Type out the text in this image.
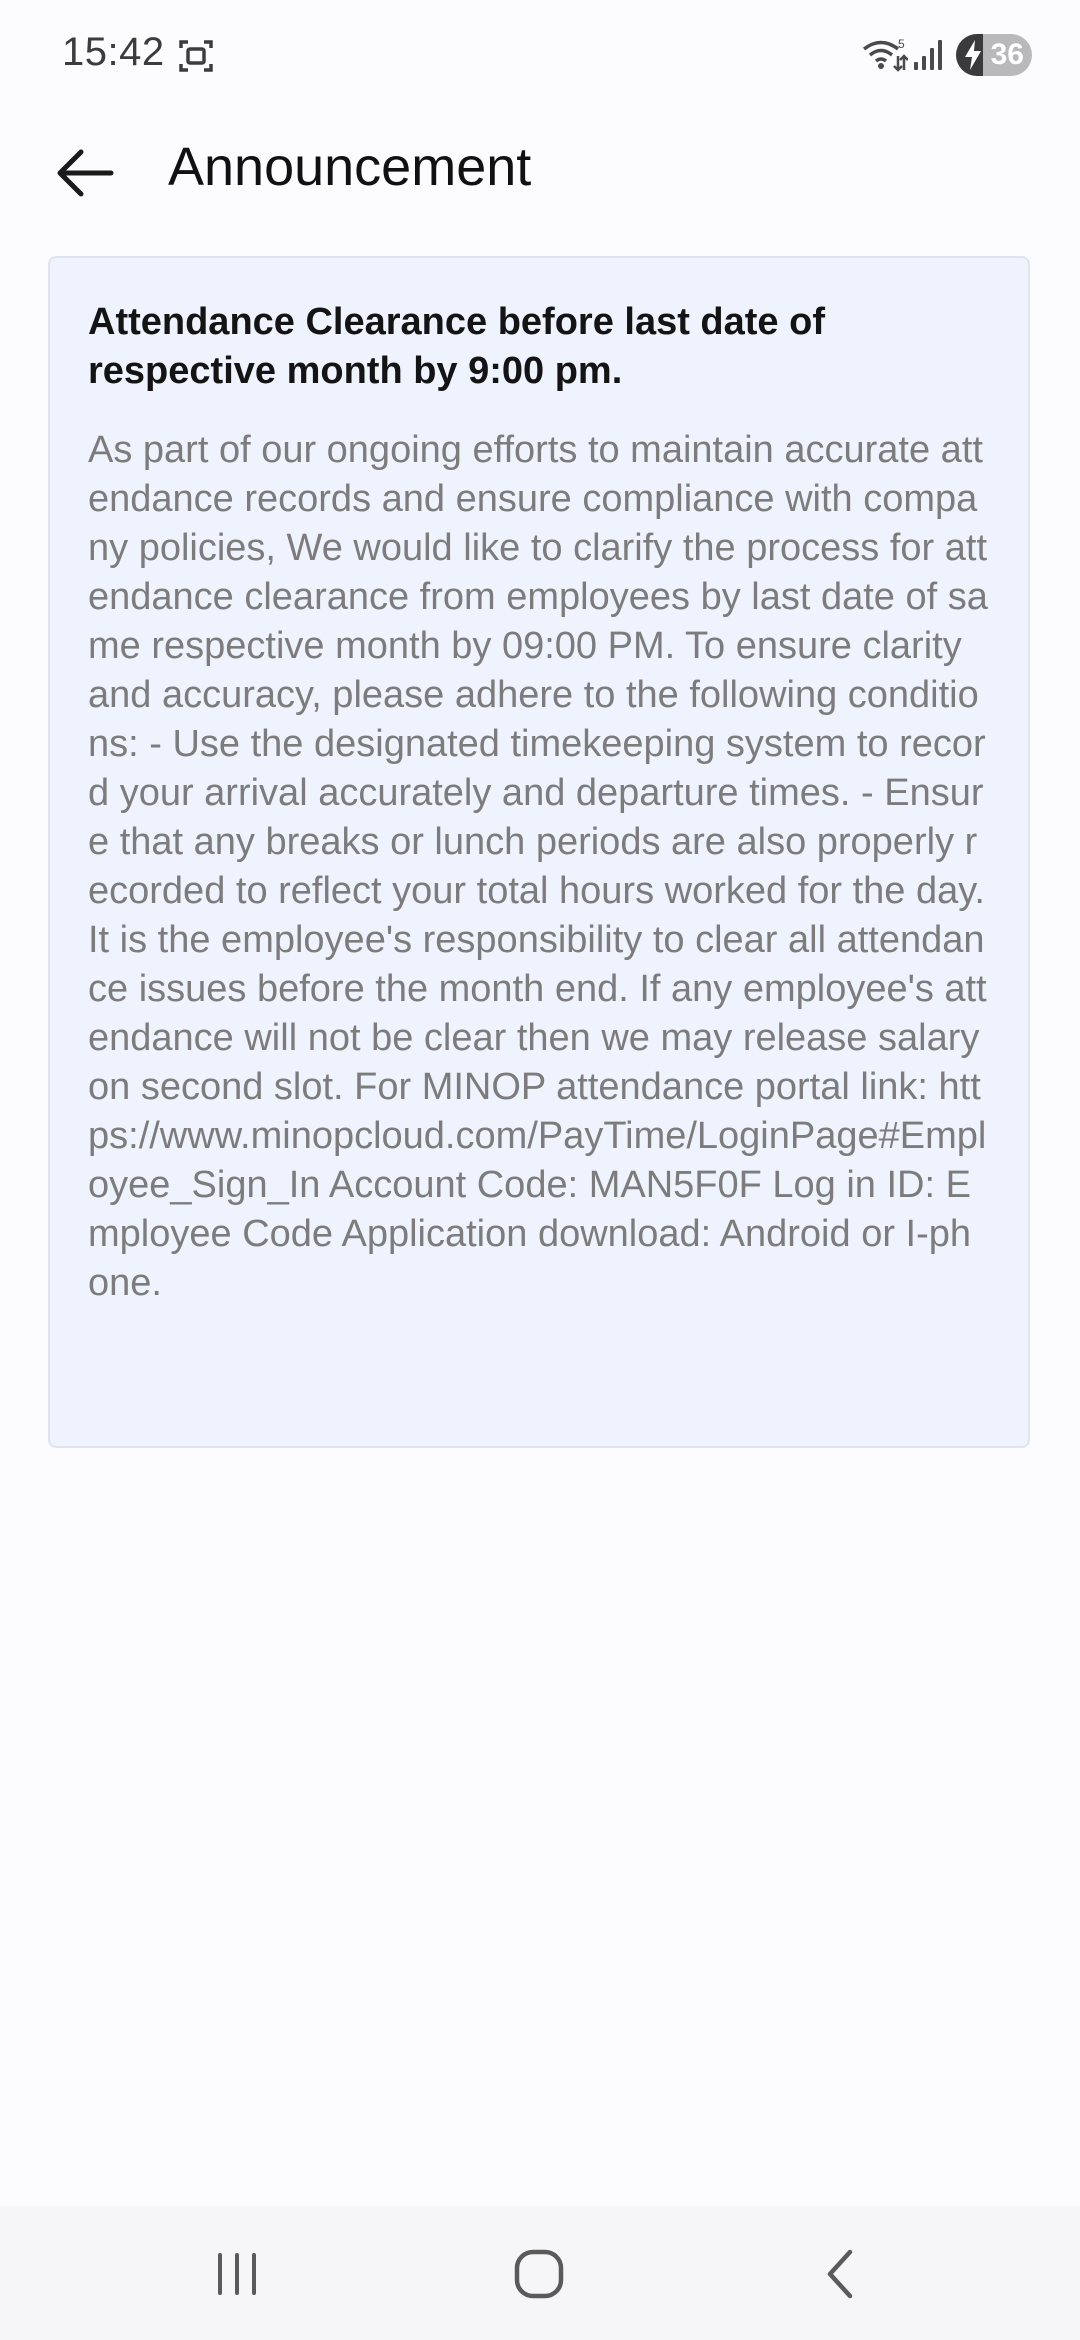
15:42	5	36
Announcement
Attendance Clearance before last date of respective month by 9:00 pm.
As part of our ongoing efforts to maintain accurate attendance records and ensure compliance with company policies, We would like to clarify the process for attendance clearance from employees by last date of same respective month by 09:00 PM. To ensure clarity and accuracy, please adhere to the following conditions: - Use the designated timekeeping system to record your arrival accurately and departure times. - Ensure that any breaks or lunch periods are also properly recorded to reflect your total hours worked for the day.
It is the employee's responsibility to clear all attendance issues before the month end. If any employee's attendance will not be clear then we may release salary on second slot. For MINOP attendance portal link: https://www.minopcloud.com/PayTime/LoginPage#Employee_Sign_In Account Code: MAN5F0F Log in ID: Employee Code Application download: Android or I-phone.
